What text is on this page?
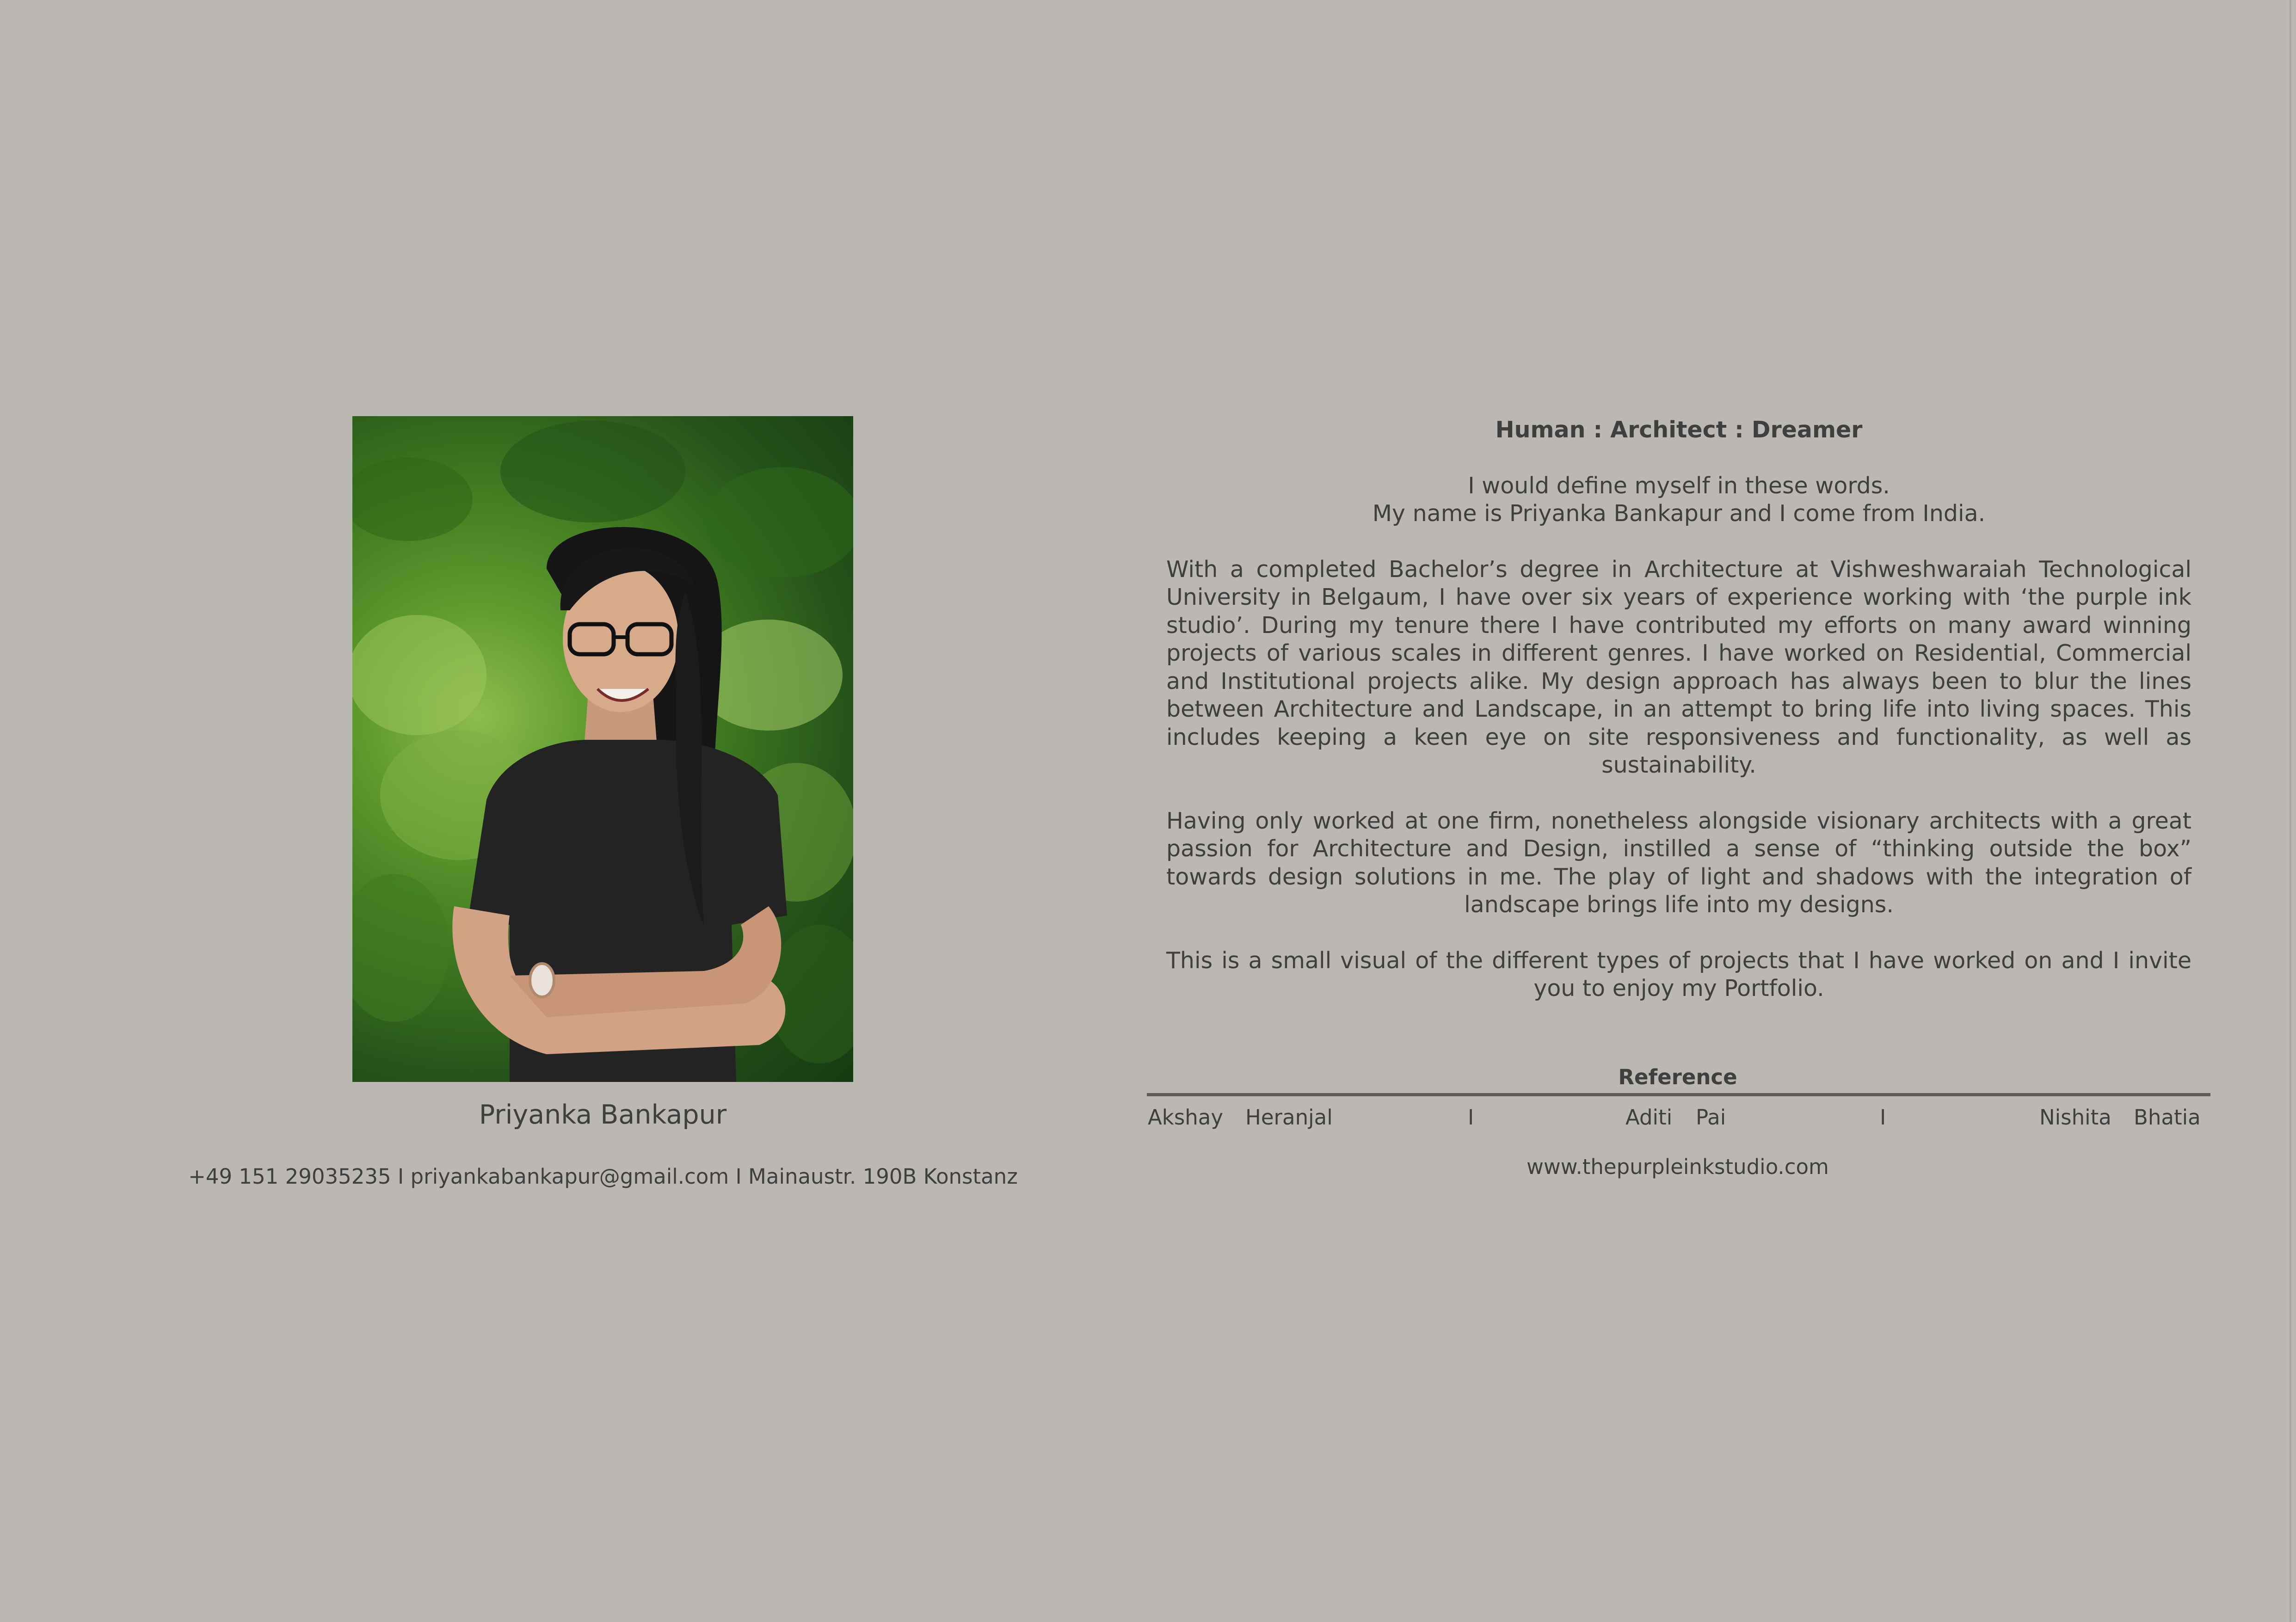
Priyanka Bankapur
+49 151 29035235 I priyankabankapur@gmail.com I Mainaustr. 190B Konstanz

Human : Architect : Dreamer

I would define myself in these words.

My name is Priyanka Bankapur and I come from India.

With a completed Bachelor’s degree in Architecture at Vishweshwaraiah Technological University in Belgaum, I have over six years of experience working with ‘the purple ink studio’. During my tenure there I have contributed my efforts on many award winning projects of various scales in different genres. I have worked on Residential, Commercial and Institutional projects alike. My design approach has always been to blur the lines between Architecture and Landscape, in an attempt to bring life into living spaces. This includes keeping a keen eye on site responsiveness and functionality, as well as sustainability.

Having only worked at one firm, nonetheless alongside visionary architects with a great passion for Architecture and Design, instilled a sense of “thinking outside the box” towards design solutions in me. The play of light and shadows with the integration of landscape brings life into my designs.

This is a small visual of the different types of projects that I have worked on and I invite you to enjoy my Portfolio.

Reference
Akshay Heranjal	I	Aditi Pai	I	Nishita Bhatia
www.thepurpleinkstudio.com
